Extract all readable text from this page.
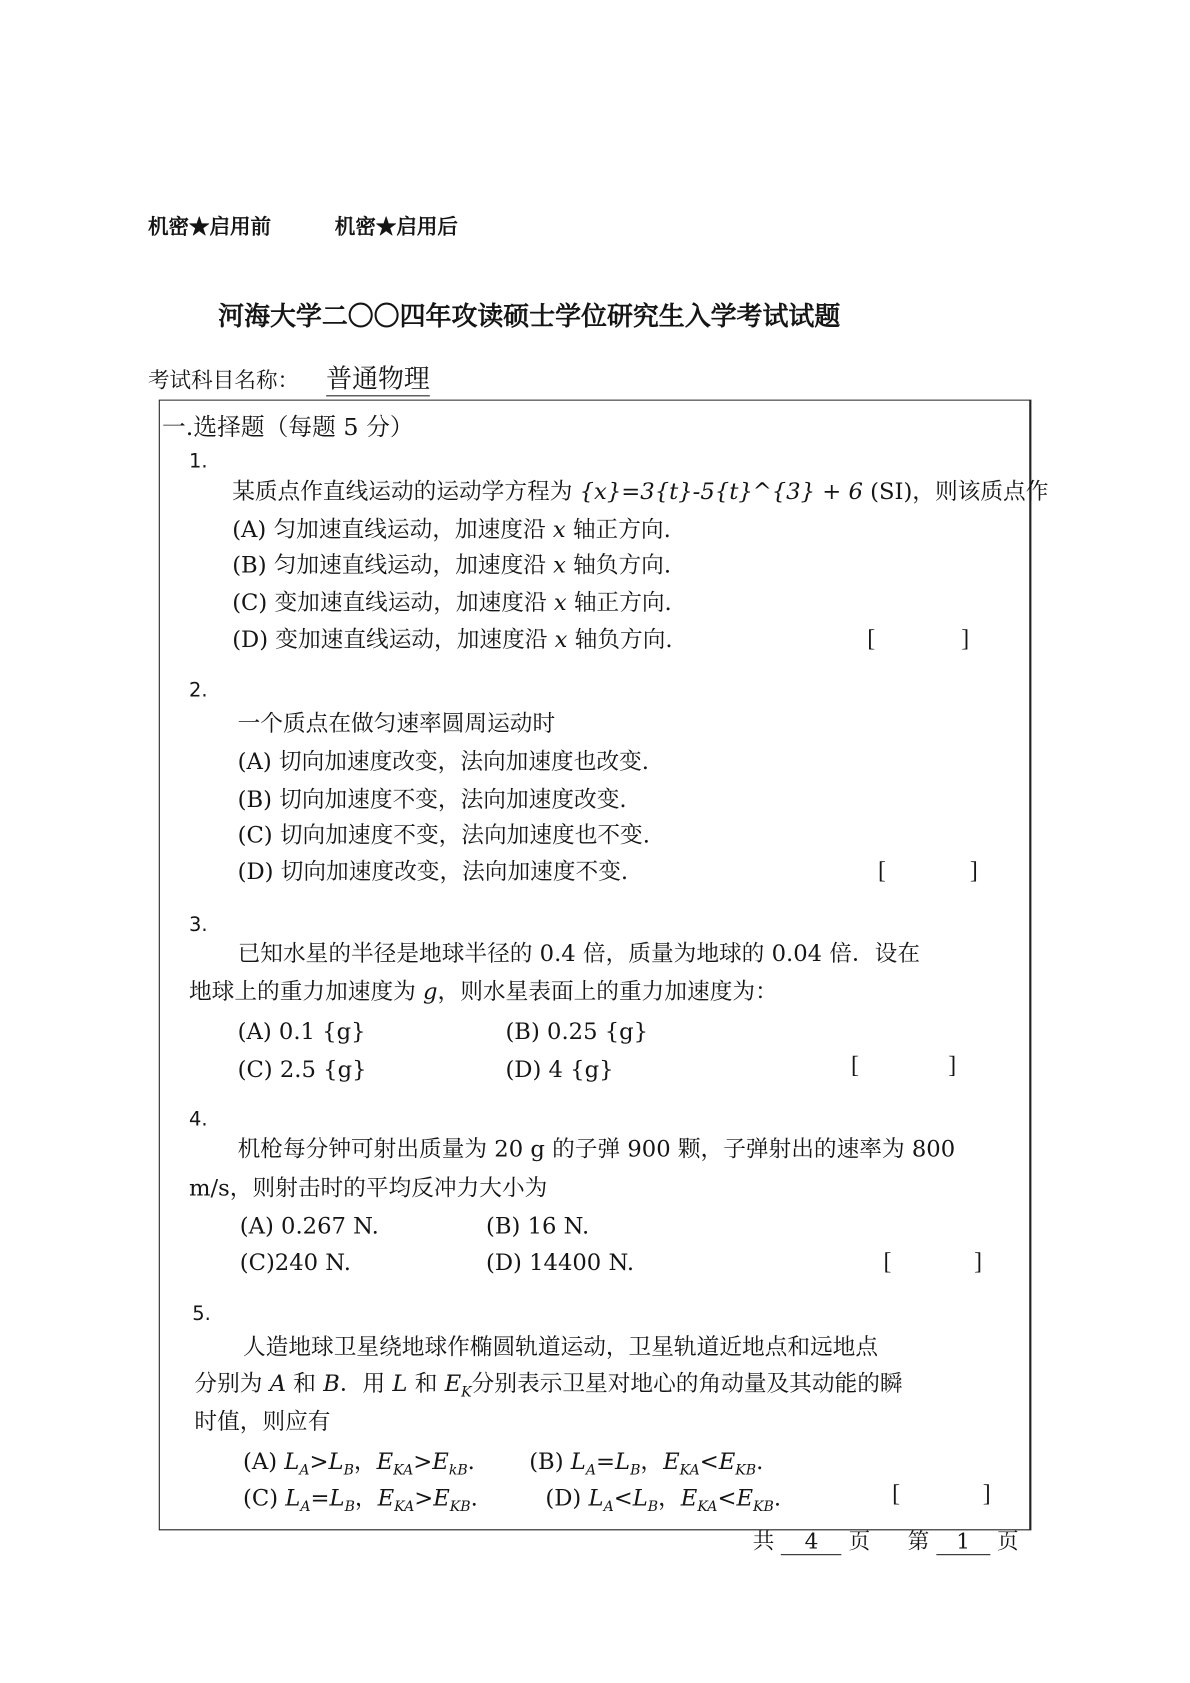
机密★启用前	机密★启用后
河海大学二〇〇四年攻读硕士学位研究生入学考试试题
考试科目名称： 普通物理
一.选择题（每题 5 分）
1.
某质点作直线运动的运动学方程为 {x}=3{t}-5{t}^{3} + 6 (SI)，则该质点作
(A) 匀加速直线运动，加速度沿 x 轴正方向.
(B) 匀加速直线运动，加速度沿 x 轴负方向.
(C) 变加速直线运动，加速度沿 x 轴正方向.
(D) 变加速直线运动，加速度沿 x 轴负方向.	[	]
2.
一个质点在做匀速率圆周运动时
(A) 切向加速度改变，法向加速度也改变.
(B) 切向加速度不变，法向加速度改变.
(C) 切向加速度不变，法向加速度也不变.
(D) 切向加速度改变，法向加速度不变.	[	]
3.
已知水星的半径是地球半径的 0.4 倍，质量为地球的 0.04 倍．设在
地球上的重力加速度为 g，则水星表面上的重力加速度为：
(A) 0.1 {g}	(B) 0.25 {g}
(C) 2.5 {g}	(D) 4 {g}	[	]
4.
机枪每分钟可射出质量为 20 g 的子弹 900 颗，子弹射出的速率为 800
m/s，则射击时的平均反冲力大小为
(A) 0.267 N.	(B) 16 N.
(C)240 N.	(D) 14400 N.	[	]
5.
人造地球卫星绕地球作椭圆轨道运动，卫星轨道近地点和远地点
分别为 A 和 B．用 L 和 $E_K$分别表示卫星对地心的角动量及其动能的瞬
时值，则应有
(A) $L_A>L_B$，$E_{KA}>E_{kB}$.	(B) $L_A=L_B$，$E_{KA}<E_{KB}$.
(C) $L_A=L_B$，$E_{KA}>E_{KB}$.	(D) $L_A<L_B$，$E_{KA}<E_{KB}$.	[	]
共 4 页 第 1 页
